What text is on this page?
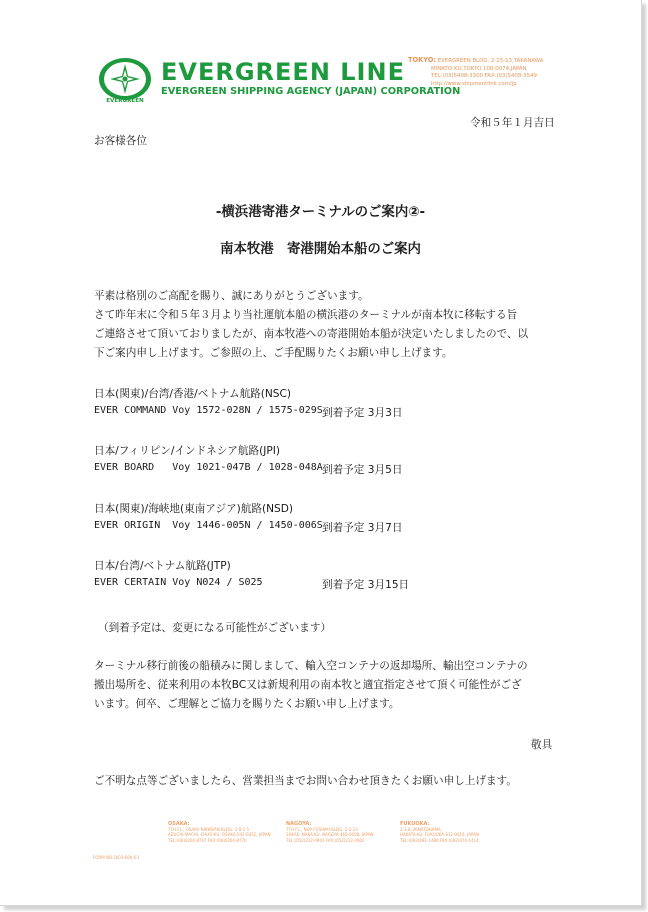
EVERGREEN
EVERGREEN LINE
EVERGREEN SHIPPING AGENCY (JAPAN) CORPORATION
TOKYO: EVERGREEN BLDG. 2-15-13,TAKANAWA
MINATO-KU,TOKYO 108-0074,JAPAN
TEL:(03)5408-3300 FAX:(03)5408-3549
http://www.shipmentlink.com/jp
令和５年１月吉日
お客様各位
-横浜港寄港ターミナルのご案内②-
南本牧港　寄港開始本船のご案内
平素は格別のご高配を賜り、誠にありがとうございます。
さて昨年末に令和５年３月より当社運航本船の横浜港のターミナルが南本牧に移転する旨
ご連絡させて頂いておりましたが、南本牧港への寄港開始本船が決定いたしましたので、以
下ご案内申し上げます。ご参照の上、ご手配賜りたくお願い申し上げます。
日本(関東)/台湾/香港/ベトナム航路(NSC)
EVER COMMAND Voy 1572-028N / 1575-029S 到着予定 3月3日
日本/フィリピン/インドネシア航路(JPI)
EVER BOARD   Voy 1021-047B / 1028-048A 到着予定 3月5日
日本(関東)/海峡地(東南アジア)航路(NSD)
EVER ORIGIN  Voy 1446-005N / 1450-006S 到着予定 3月7日
日本/台湾/ベトナム航路(JTP)
EVER CERTAIN Voy N024 / S025	到着予定 3月15日
（到着予定は、変更になる可能性がございます）
ターミナル移行前後の船積みに関しまして、輸入空コンテナの返却場所、輸出空コンテナの
搬出場所を、従来利用の本牧BC又は新規利用の南本牧と適宜指定させて頂く可能性がござ
います。何卒、ご理解とご協力を賜りたくお願い申し上げます。
敬具
ご不明な点等ございましたら、営業担当までお問い合わせ頂きたくお願い申し上げます。
OSAKA:
7TH FL., OSAKA NIKKIBAN BLDG. 2-8-1-5
AZUCHI-MACHI, CHUO-KU, OSAKA 541-0052, JAPAN
TEL:(06)6264-8767 FAX:(06)6264-8770
NAGOYA:
7TH FL., NUP FUSHIMI BLDG. 2-3-13
SAKAE, NAKA-KU, NAGOYA 460-0008, JAPAN
TEL:(052)222-0901 FAX:(052)222-0902
FUKUOKA:
2-3-8, MINATOHAMA,
HAKATA-KU, FUKUOKA 812-0016, JAPAN
TEL:(092)481-1480 FAX:(092)474-1414
FORM NO.5603-009-03
